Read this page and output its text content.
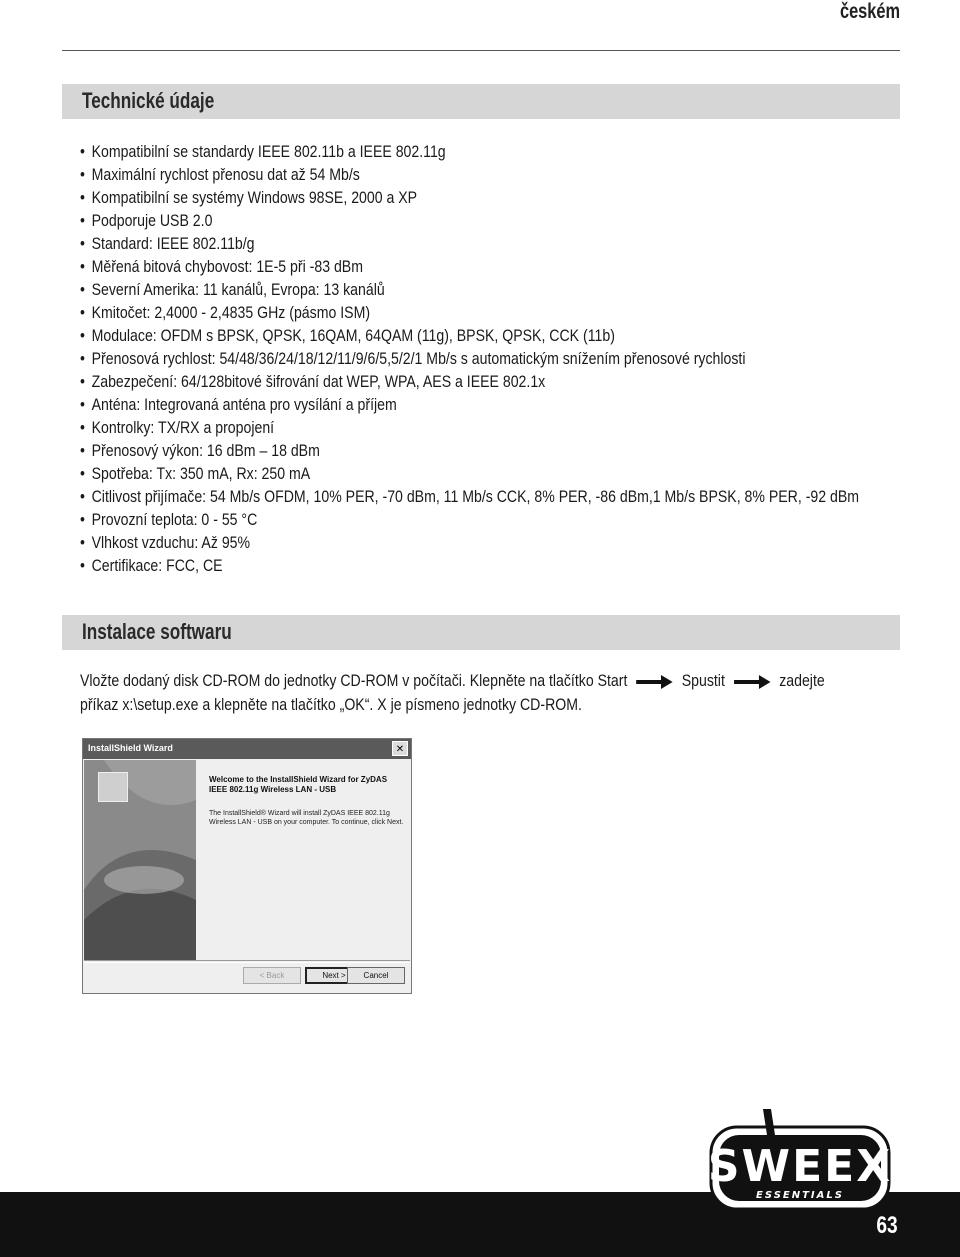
českém
Technické údaje
• Kompatibilní se standardy IEEE 802.11b a IEEE 802.11g
• Maximální rychlost přenosu dat až 54 Mb/s
• Kompatibilní se systémy Windows 98SE, 2000 a XP
• Podporuje USB 2.0
• Standard: IEEE 802.11b/g
• Měřená bitová chybovost: 1E-5 při -83 dBm
• Severní Amerika: 11 kanálů, Evropa: 13 kanálů
• Kmitočet: 2,4000 - 2,4835 GHz (pásmo ISM)
• Modulace: OFDM s BPSK, QPSK, 16QAM, 64QAM (11g), BPSK, QPSK, CCK (11b)
• Přenosová rychlost: 54/48/36/24/18/12/11/9/6/5,5/2/1 Mb/s s automatickým snížením přenosové rychlosti
• Zabezpečení: 64/128bitové šifrování dat WEP, WPA, AES a IEEE 802.1x
• Anténa: Integrovaná anténa pro vysílání a příjem
• Kontrolky: TX/RX a propojení
• Přenosový výkon: 16 dBm – 18 dBm
• Spotřeba: Tx: 350 mA, Rx: 250 mA
• Citlivost přijímače: 54 Mb/s OFDM, 10% PER, -70 dBm, 11 Mb/s CCK, 8% PER, -86 dBm,1 Mb/s BPSK, 8% PER, -92 dBm
• Provozní teplota: 0 - 55 °C
• Vlhkost vzduchu: Až 95%
• Certifikace: FCC, CE
Instalace softwaru
Vložte dodaný disk CD-ROM do jednotky CD-ROM v počítači. Klepněte na tlačítko Start	Spustit	zadejte
příkaz x:\setup.exe a klepněte na tlačítko „OK“. X je písmeno jednotky CD-ROM.
InstallShield Wizard	✕
Welcome to the InstallShield Wizard for ZyDAS IEEE 802.11g Wireless LAN - USB
The InstallShield® Wizard will install ZyDAS IEEE 802.11g Wireless LAN - USB on your computer. To continue, click Next.
< Back	Next >	Cancel
SWEEX
ESSENTIALS
63
